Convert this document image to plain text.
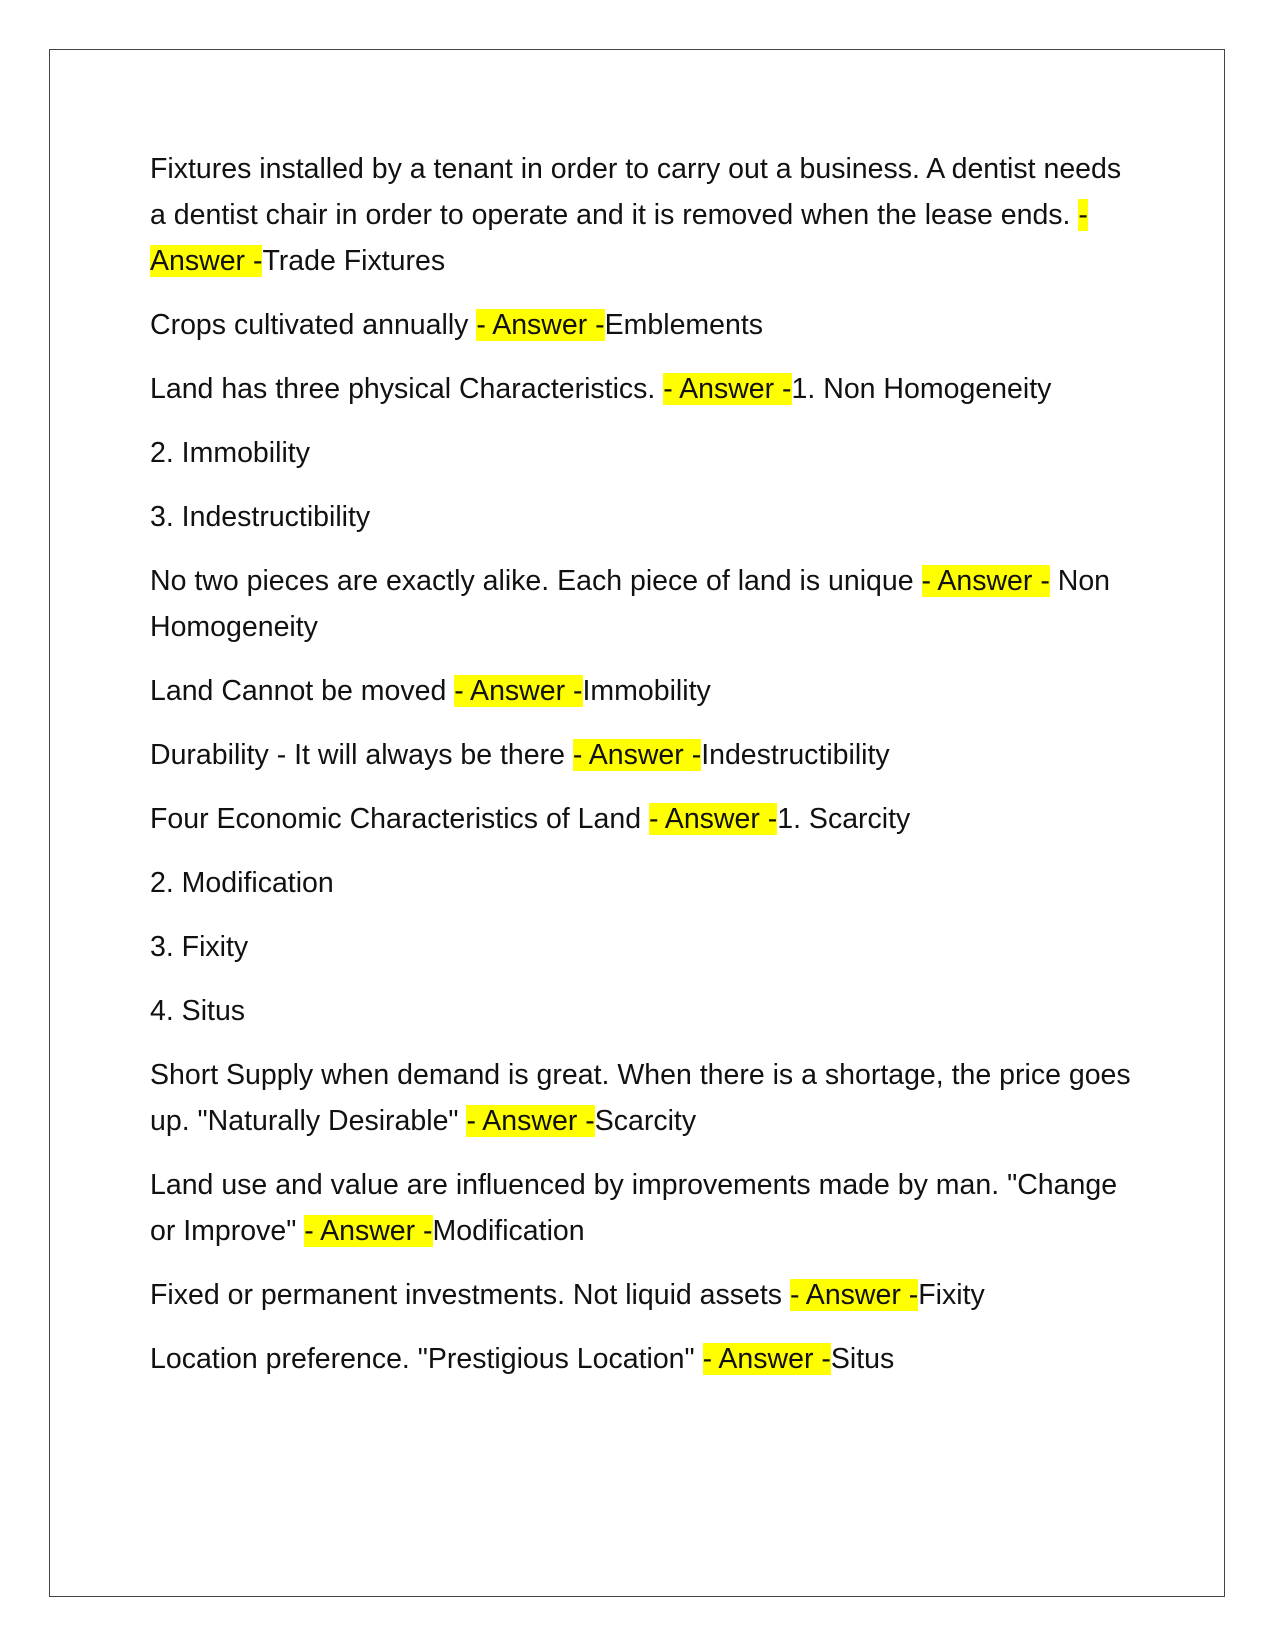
Fixtures installed by a tenant in order to carry out a business. A dentist needs a dentist chair in order to operate and it is removed when the lease ends. - Answer -Trade Fixtures

Crops cultivated annually - Answer -Emblements

Land has three physical Characteristics. - Answer -1. Non Homogeneity

2. Immobility

3. Indestructibility

No two pieces are exactly alike. Each piece of land is unique - Answer - Non Homogeneity

Land Cannot be moved - Answer -Immobility

Durability - It will always be there - Answer -Indestructibility

Four Economic Characteristics of Land - Answer -1. Scarcity

2. Modification

3. Fixity

4. Situs

Short Supply when demand is great. When there is a shortage, the price goes up. "Naturally Desirable" - Answer -Scarcity

Land use and value are influenced by improvements made by man. "Change or Improve" - Answer -Modification

Fixed or permanent investments. Not liquid assets - Answer -Fixity

Location preference. "Prestigious Location" - Answer -Situs
